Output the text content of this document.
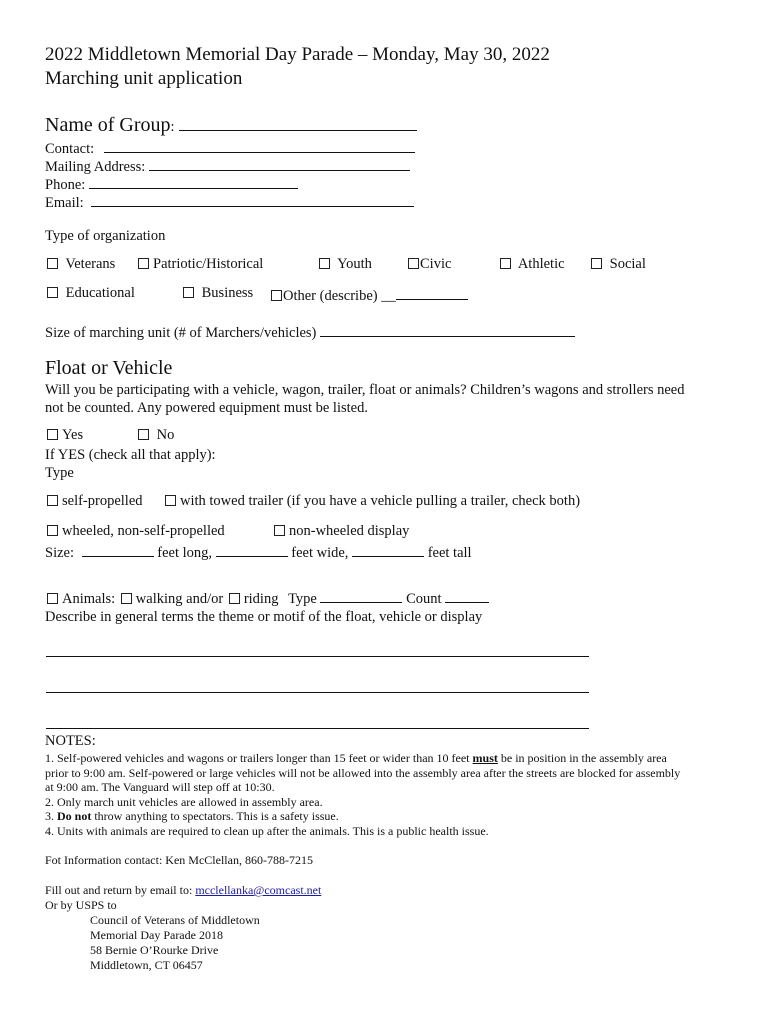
2022 Middletown Memorial Day Parade – Monday, May 30, 2022
Marching unit application
Name of Group:
Contact:
Mailing Address:
Phone:
Email:
Type of organization
Veterans	Patriotic/Historical	Youth	Civic	Athletic	Social
Educational	Business	Other (describe) __
Size of marching unit (# of Marchers/vehicles)
Float or Vehicle
Will you be participating with a vehicle, wagon, trailer, float or animals? Children’s wagons and strollers need
not be counted. Any powered equipment must be listed.
Yes	No
If YES (check all that apply):
Type
self-propelled	with towed trailer (if you have a vehicle pulling a trailer, check both)
wheeled, non-self-propelled	non-wheeled display
Size:	feet long,	feet wide,	feet tall
Animals: walking and/or riding Type	Count
Describe in general terms the theme or motif of the float, vehicle or display
NOTES:
1. Self-powered vehicles and wagons or trailers longer than 15 feet or wider than 10 feet must be in position in the assembly area
prior to 9:00 am. Self-powered or large vehicles will not be allowed into the assembly area after the streets are blocked for assembly
at 9:00 am. The Vanguard will step off at 10:30.
2. Only march unit vehicles are allowed in assembly area.
3. Do not throw anything to spectators. This is a safety issue.
4. Units with animals are required to clean up after the animals. This is a public health issue.
Fot Information contact: Ken McClellan, 860-788-7215
Fill out and return by email to: mcclellanka@comcast.net
Or by USPS to
Council of Veterans of Middletown
Memorial Day Parade 2018
58 Bernie O’Rourke Drive
Middletown, CT 06457
